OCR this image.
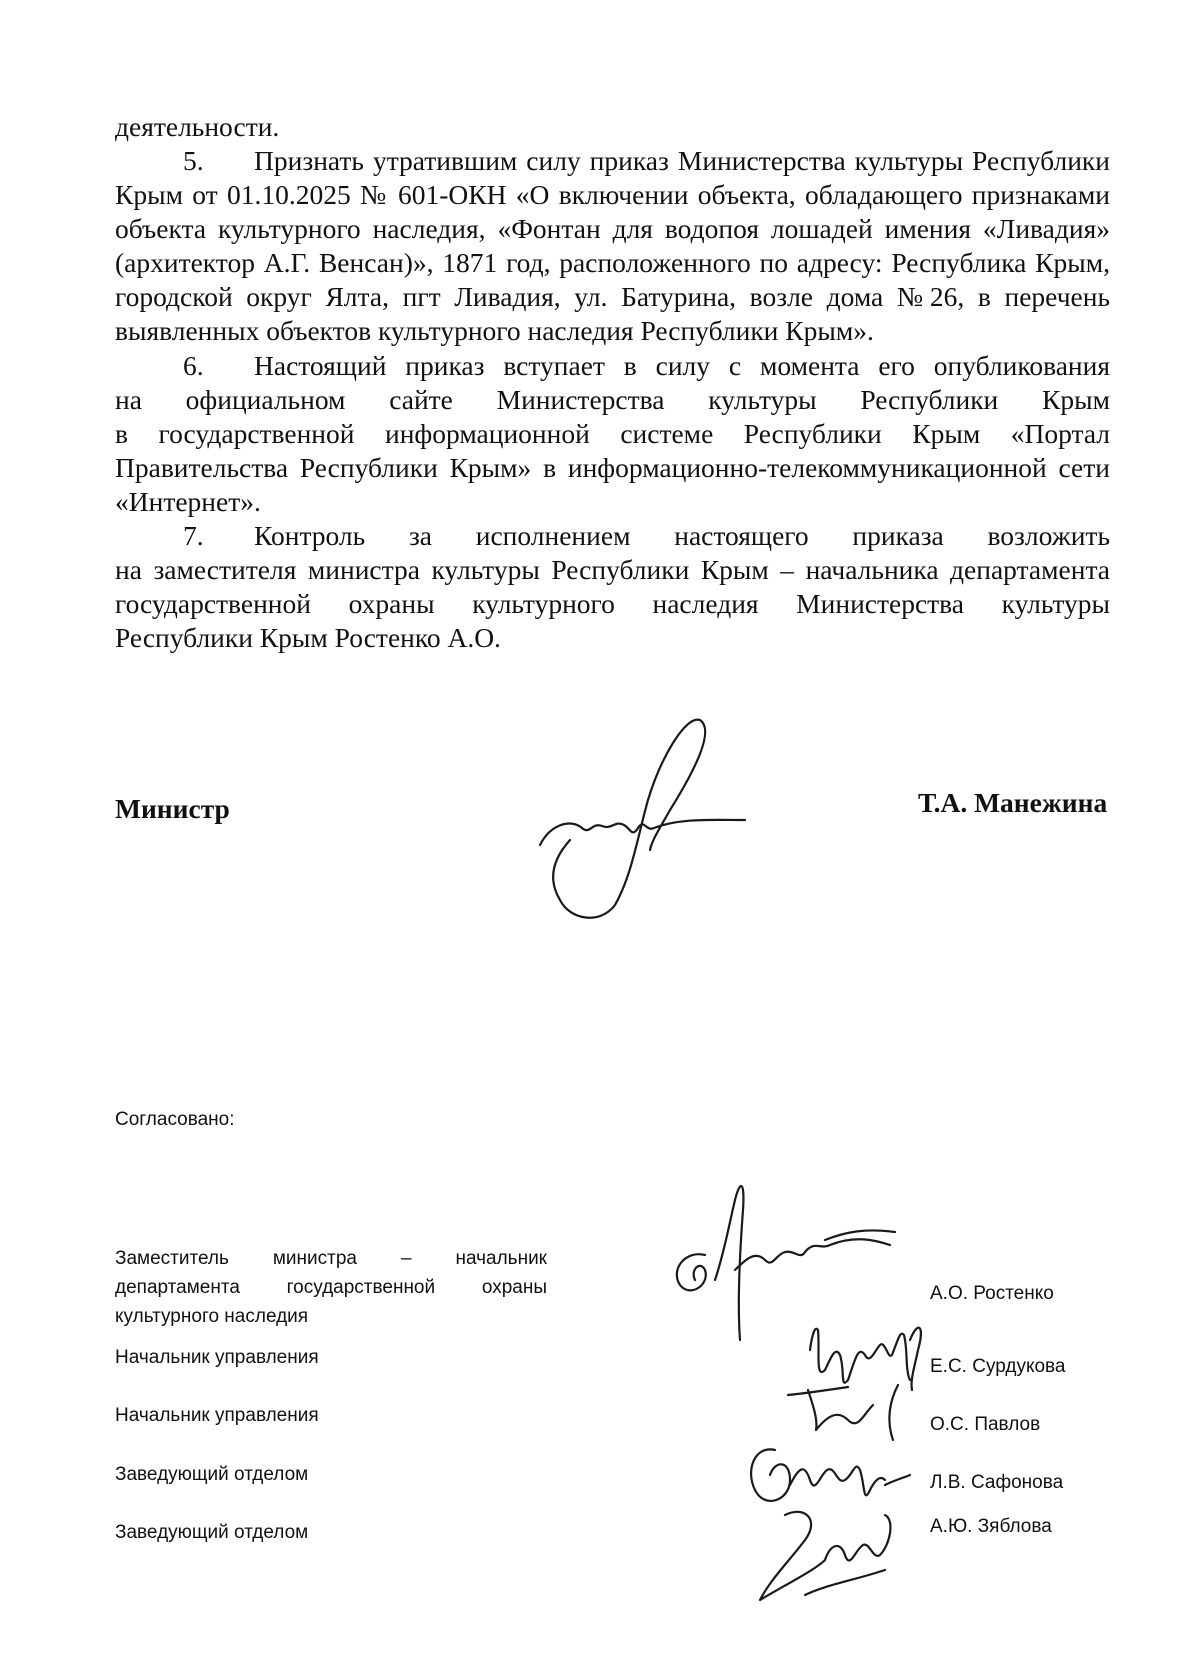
деятельности.
5. Признать утратившим силу приказ Министерства культуры Республики
Крым от 01.10.2025 № 601-ОКН «О включении объекта, обладающего признаками
объекта культурного наследия, «Фонтан для водопоя лошадей имения «Ливадия»
(архитектор А.Г. Венсан)», 1871 год, расположенного по адресу: Республика Крым,
городской округ Ялта, пгт Ливадия, ул. Батурина, возле дома №26, в перечень
выявленных объектов культурного наследия Республики Крым».
6. Настоящий приказ вступает в силу с момента его опубликования
на официальном сайте Министерства культуры Республики Крым
в государственной информационной системе Республики Крым «Портал
Правительства Республики Крым» в информационно-телекоммуникационной сети
«Интернет».
7. Контроль за исполнением настоящего приказа возложить
на заместителя министра культуры Республики Крым – начальника департамента
государственной охраны культурного наследия Министерства культуры
Республики Крым Ростенко А.О.
Министр	Т.А. Манежина
Согласовано:
Заместитель министра – начальник
департамента государственной охраны
культурного наследия
А.О. Ростенко
Начальник управления	Е.С. Сурдукова
Начальник управления	О.С. Павлов
Заведующий отделом	Л.В. Сафонова
Заведующий отделом	А.Ю. Зяблова
